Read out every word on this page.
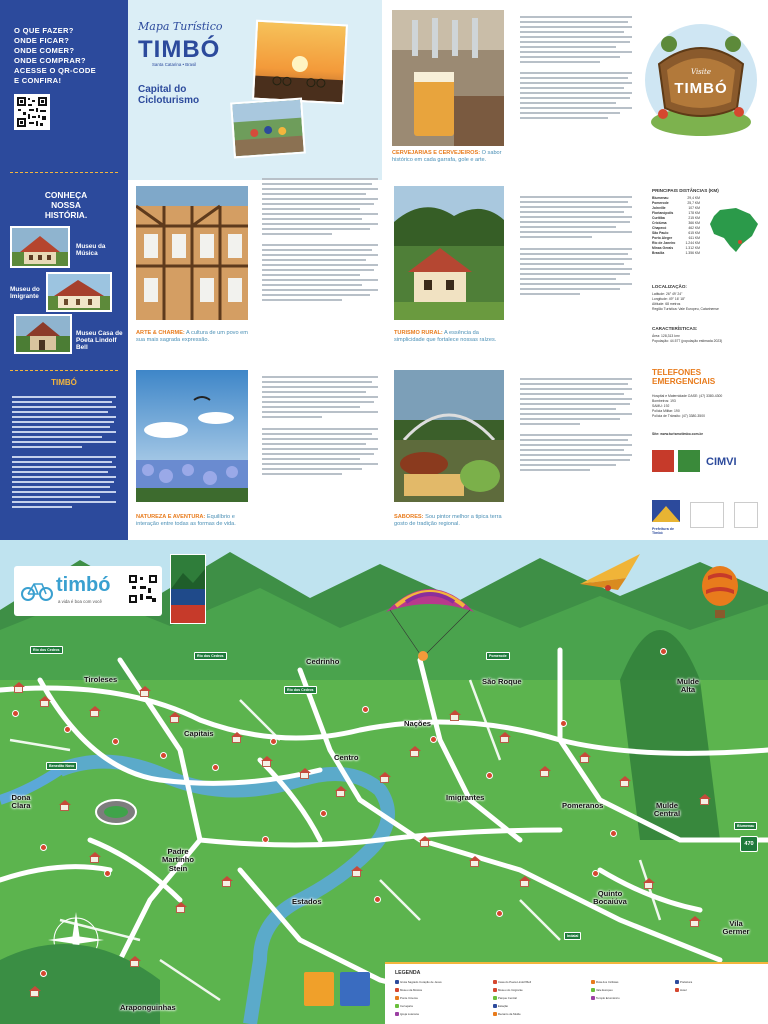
O QUE FAZER?
ONDE FICAR?
ONDE COMER?
ONDE COMPRAR?
ACESSE O QR-CODE
E CONFIRA!
CONHEÇA
NOSSA
HISTÓRIA.
Museu da Música
Museu do Imigrante
Museu Casa de Poeta Lindolf Bell
TIMBÓ
Mapa Turístico
TIMBÓ
Santa Catarina • Brasil
Capital do Cicloturismo
CERVEJARIAS E CERVEJEIROS: O sabor histórico em cada garrafa, gole e arte.
Visite
TIMBÓ
ARTE & CHARME: A cultura de um povo em sua mais sagrada expressão.
TURISMO RURAL: A essência da simplicidade que fortalece nossas raízes.
PRINCIPAIS DISTÂNCIAS (KM)
Blumenau	29,4 KM
Pomerode	25,7 KM
Joinville	107 KM
Florianópolis	178 KM
Curitiba	215 KM
Criciúma	366 KM
Chapecó	462 KM
São Paulo	615 KM
Porto Alegre	611 KM
Rio de Janeiro	1.244 KM
Minas Gerais	1.312 KM
Brasília	1.356 KM
LOCALIZAÇÃO:
Latitude: 26° 49' 24"
Longitude: 49° 16' 18"
Altitude: 68 metros
Região Turística: Vale Europeu, Catarinense
CARACTERÍSTICAS:
Área: 128,313 km²
População: 44.577 (população estimada 2023)
TELEFONES EMERGENCIAIS
Hospital e Maternidade OASE: (47) 3380-4300
Bombeiros: 193
SAMU: 192
Polícia Militar: 190
Polícia de Trânsito: (47) 3380-3500
Site: www.turismotimbo.com.br
CIMVI
Prefeitura de Timbó
NATUREZA E AVENTURA: Equilíbrio e interação entre todas as formas de vida.
SABORES: Sou pintor melhor a tipica terra gosto de tradição regional.
timbó
a vida é boa com você
Cedrinho
São Roque
Tiroleses
Capitais
Nações
Centro
Imigrantes
Mulde Alta
Dona Clara	Pomeranos	Mulde Central
Padre Martinho Stein
Estados
Quinto Bocaiúva
Vila Germer
Araponguinhas
Rio dos Cedros
Rio dos Cedros
Rio dos Cedros
Benedito Novo
Pomerode
Blumenau
Indaial
470
LEGENDA
Gruta Sagrado Coração de Jesus
Museu da Música
Ponte Cinema
Cervejaria
Igreja Luterana
Casa do Poeta Lindolf Bell
Museu do Imigrante
Parque Central
Estação
Recanto da Mulde
Rota dos Ciclistas
Vale Europeu
Templo Ecumênico
Prefeitura
Hotel
